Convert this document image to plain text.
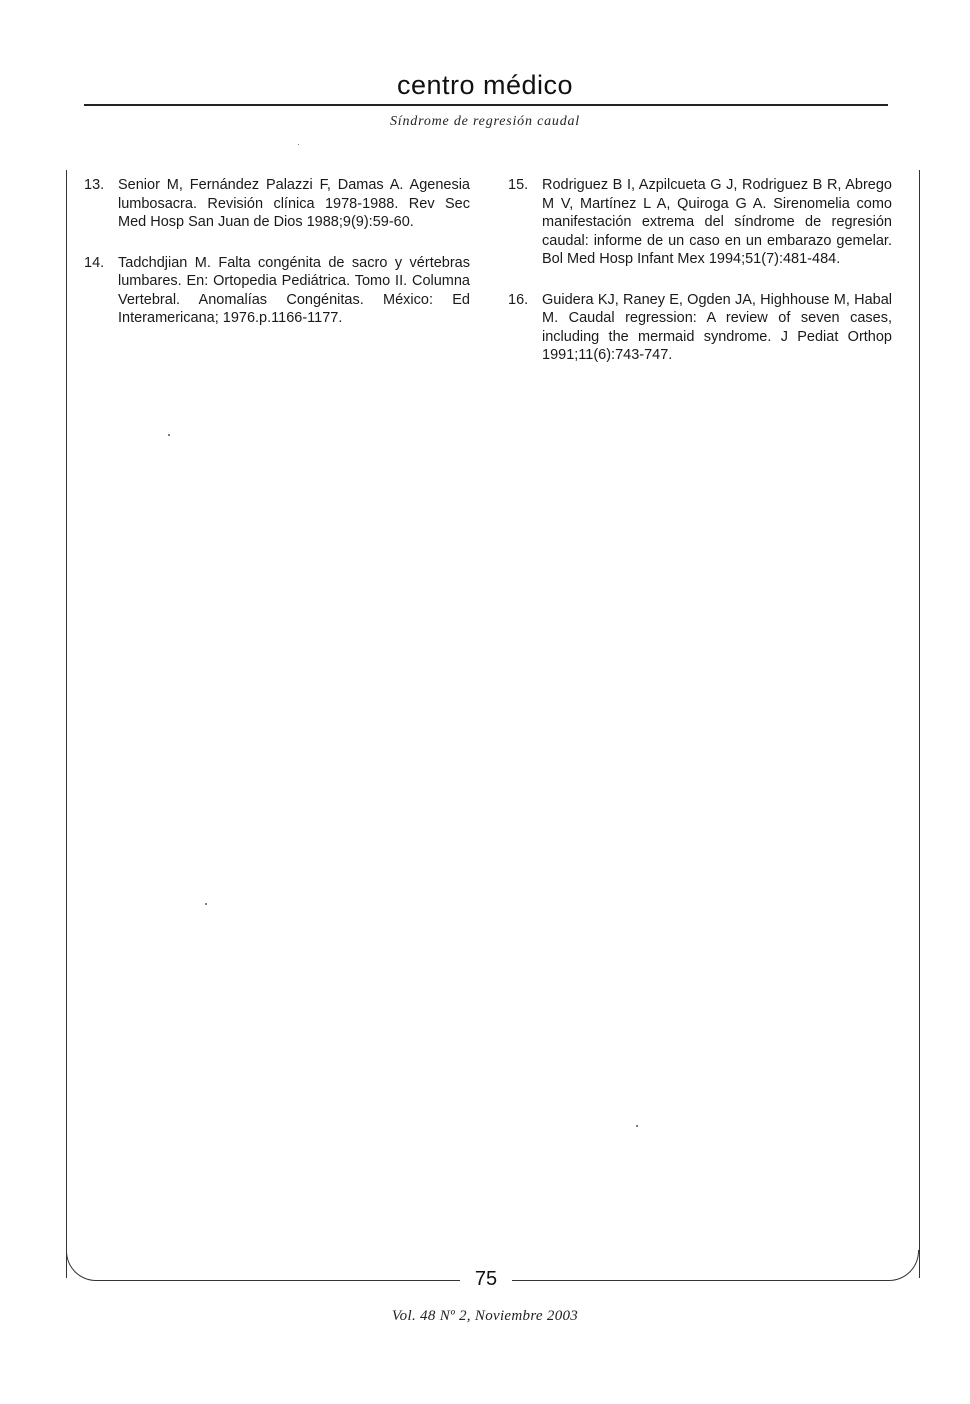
centro médico
Síndrome de regresión caudal
13. Senior M, Fernández Palazzi F, Damas A. Agenesia lumbosacra. Revisión clínica 1978-1988. Rev Sec Med Hosp San Juan de Dios 1988;9(9):59-60.
14. Tadchdjian M. Falta congénita de sacro y vértebras lumbares. En: Ortopedia Pediátrica. Tomo II. Columna Vertebral. Anomalías Congénitas. México: Ed Interamericana; 1976.p.1166-1177.
15. Rodriguez B I, Azpilcueta G J, Rodriguez B R, Abrego M V, Martínez L A, Quiroga G A. Sirenomelia como manifestación extrema del síndrome de regresión caudal: informe de un caso en un embarazo gemelar. Bol Med Hosp Infant Mex 1994;51(7):481-484.
16. Guidera KJ, Raney E, Ogden JA, Highhouse M, Habal M. Caudal regression: A review of seven cases, including the mermaid syndrome. J Pediat Orthop 1991;11(6):743-747.
75
Vol. 48 Nº 2, Noviembre 2003
